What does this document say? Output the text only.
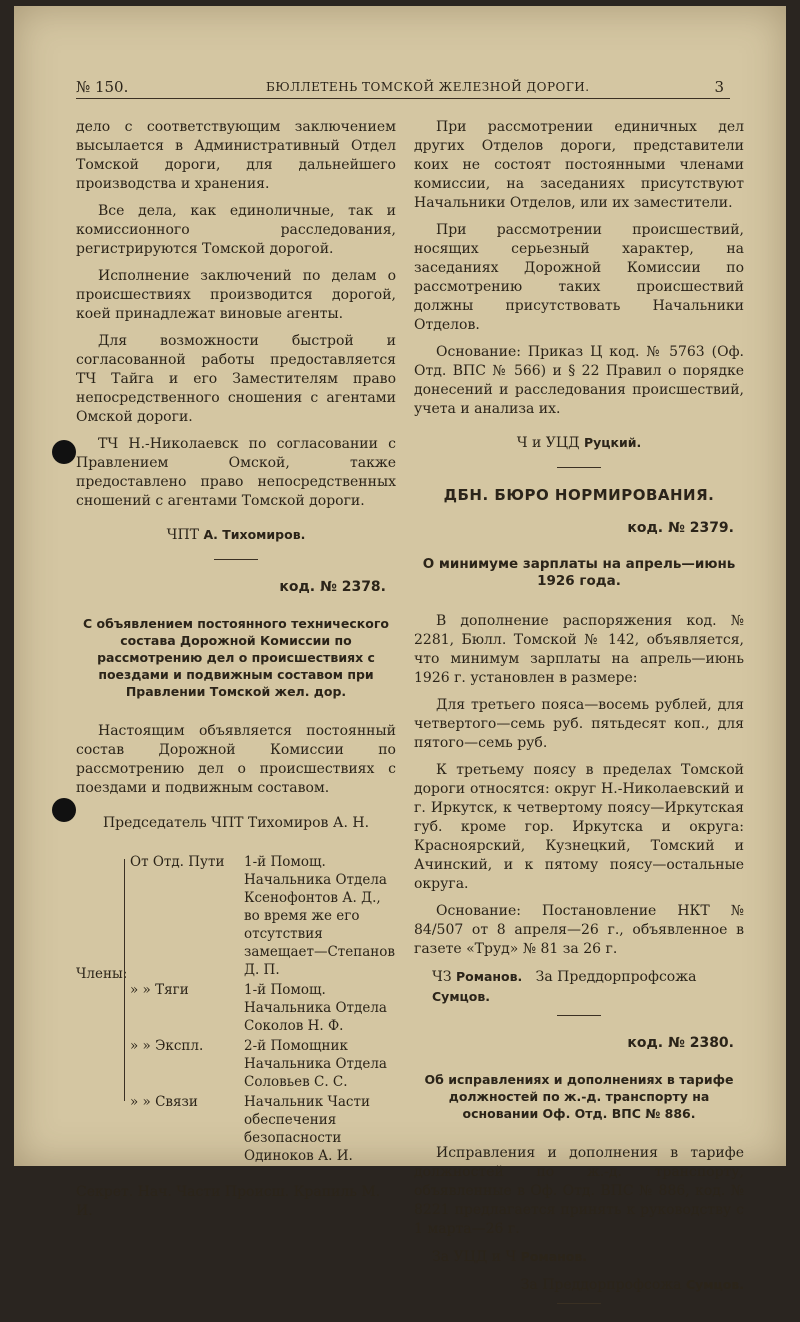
№ 150.	БЮЛЛЕТЕНЬ ТОМСКОЙ ЖЕЛЕЗНОЙ ДОРОГИ.	3

дело с соответствующим заключением высылается в Административный Отдел Томской дороги, для дальнейшего производства и хранения.

Все дела, как единоличные, так и комиссионного расследования, регистрируются Томской дорогой.

Исполнение заключений по делам о происшествиях производится дорогой, коей принадлежат виновые агенты.

Для возможности быстрой и согласованной работы предоставляется ТЧ Тайга и его Заместителям право непосредственного сношения с агентами Омской дороги.

ТЧ Н.-Николаевск по согласовании с Правлением Омской, также предоставлено право непосредственных сношений с агентами Томской дороги.

ЧПТ А. Тихомиров.
код. № 2378.
С объявлением постоянного технического состава Дорожной Комиссии по рассмотрению дел о происшествиях с поездами и подвижным составом при Правлении Томской жел. дор.

Настоящим объявляется постоянный состав Дорожной Комиссии по рассмотрению дел о происшествиях с поездами и подвижным составом.

Председатель ЧПТ Тихомиров А. Н.
Члены:
От Отд. Пути	1-й Помощ. Начальника Отдела Ксенофонтов А. Д., во время же его отсутствия замещает—Степанов Д. П.
» » Тяги	1-й Помощ. Начальника Отдела Соколов Н. Ф.
» » Экспл.	2-й Помощник Начальника Отдела Соловьев С. С.
» » Связи	Начальник Части обеспечения безопасности Одиноков А. И.
Секрет. Нач. Части Происш. Крапиль М. И.

При рассмотрении единичных дел других Отделов дороги, представители коих не состоят постоянными членами комиссии, на заседаниях присутствуют Начальники Отделов, или их заместители.

При рассмотрении происшествий, носящих серьезный характер, на заседаниях Дорожной Комиссии по рассмотрению таких происшествий должны присутствовать Начальники Отделов.

Основание: Приказ Ц код. № 5763 (Оф. Отд. ВПС № 566) и § 22 Правил о порядке донесений и расследования происшествий, учета и анализа их.

Ч и УЦД Руцкий.
ДБН. БЮРО НОРМИРОВАНИЯ.
код. № 2379.
О минимуме зарплаты на апрель—июнь 1926 года.

В дополнение распоряжения код. № 2281, Бюлл. Томской № 142, объявляется, что минимум зарплаты на апрель—июнь 1926 г. установлен в размере:

Для третьего пояса—восемь рублей, для четвертого—семь руб. пятьдесят коп., для пятого—семь руб.

К третьему поясу в пределах Томской дороги относятся: округ Н.-Николаевский и г. Иркутск, к четвертому поясу—Иркутская губ. кроме гор. Иркутска и округа: Красноярский, Кузнецкий, Томский и Ачинский, и к пятому поясу—остальные округа.

Основание: Постановление НКТ № 84/507 от 8 апреля—26 г., объявленное в газете «Труд» № 81 за 26 г.

ЧЗ Романов. За Преддорпрофсожа Сумцов.
код. № 2380.
Об исправлениях и дополнениях в тарифе должностей по ж.-д. транспорту на основании Оф. Отд. ВПС № 886.

Исправления и дополнения в тарифе должностей по ж.-д. транспорту, объявленные в Оф. Отд. ВПС № 886, код. № 8221 предлагается принять к руководству с 1 марта—26 г.

За УЦД и Ч Романов.
За Преддорпрофсожа Сумцов.
